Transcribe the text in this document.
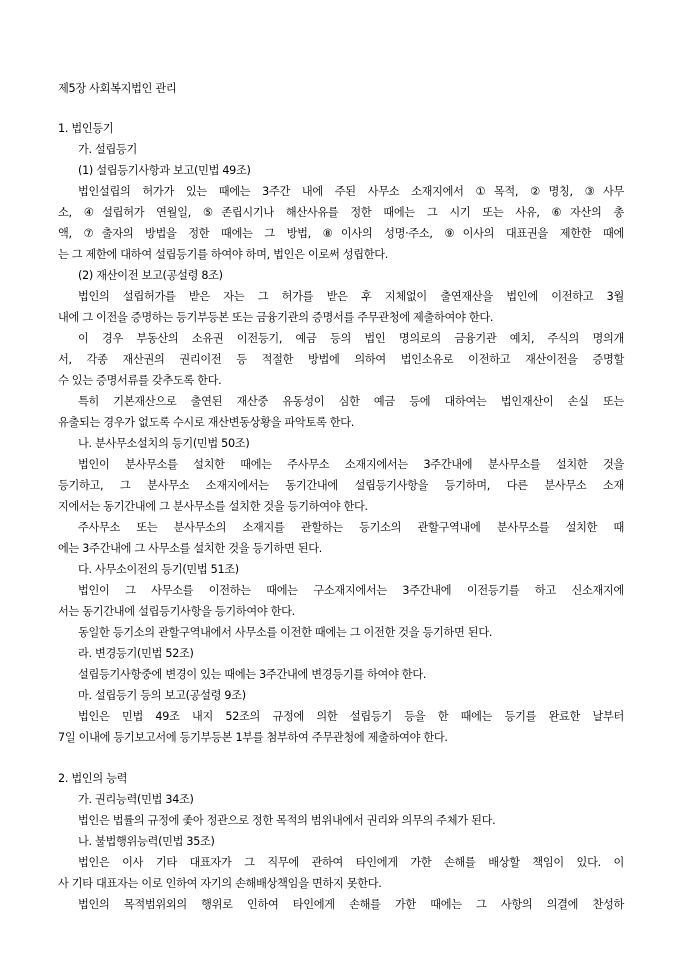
제5장 사회복지법인 관리
1. 법인등기
가. 설립등기
(1) 설립등기사항과 보고(민법 49조)
법인설립의 허가가 있는 때에는 3주간 내에 주된 사무소 소재지에서 ①목적, ②명칭, ③사무
소, ④설립허가 연월일, ⑤존립시기나 해산사유를 정한 때에는 그 시기 또는 사유, ⑥자산의 총
액, ⑦출자의 방법을 정한 때에는 그 방법, ⑧이사의 성명·주소, ⑨이사의 대표권을 제한한 때에
는 그 제한에 대하여 설립등기를 하여야 하며, 법인은 이로써 성립한다.
(2) 재산이전 보고(공설령 8조)
법인의 설립허가를 받은 자는 그 허가를 받은 후 지체없이 출연재산을 법인에 이전하고 3월
내에 그 이전을 증명하는 등기부등본 또는 금융기관의 증명서를 주무관청에 제출하여야 한다.
이 경우 부동산의 소유권 이전등기, 예금 등의 법인 명의로의 금융기관 예치, 주식의 명의개
서, 각종 재산권의 권리이전 등 적절한 방법에 의하여 법인소유로 이전하고 재산이전을 증명할
수 있는 증명서류를 갖추도록 한다.
특히 기본재산으로 출연된 재산중 유동성이 심한 예금 등에 대하여는 법인재산이 손실 또는
유출되는 경우가 없도록 수시로 재산변동상황을 파악토록 한다.
나. 분사무소설치의 등기(민법 50조)
법인이 분사무소를 설치한 때에는 주사무소 소재지에서는 3주간내에 분사무소를 설치한 것을
등기하고, 그 분사무소 소재지에서는 동기간내에 설립등기사항을 등기하며, 다른 분사무소 소재
지에서는 동기간내에 그 분사무소를 설치한 것을 등기하여야 한다.
주사무소 또는 분사무소의 소재지를 관할하는 등기소의 관할구역내에 분사무소를 설치한 때
에는 3주간내에 그 사무소를 설치한 것을 등기하면 된다.
다. 사무소이전의 등기(민법 51조)
법인이 그 사무소를 이전하는 때에는 구소재지에서는 3주간내에 이전등기를 하고 신소재지에
서는 동기간내에 설립등기사항을 등기하여야 한다.
동일한 등기소의 관할구역내에서 사무소를 이전한 때에는 그 이전한 것을 등기하면 된다.
라. 변경등기(민법 52조)
설립등기사항중에 변경이 있는 때에는 3주간내에 변경등기를 하여야 한다.
마. 설립등기 등의 보고(공설령 9조)
법인은 민법 49조 내지 52조의 규정에 의한 설립등기 등을 한 때에는 등기를 완료한 날부터
7일 이내에 등기보고서에 등기부등본 1부를 첨부하여 주무관청에 제출하여야 한다.
2. 법인의 능력
가. 권리능력(민법 34조)
법인은 법률의 규정에 좇아 정관으로 정한 목적의 범위내에서 권리와 의무의 주체가 된다.
나. 불법행위능력(민법 35조)
법인은 이사 기타 대표자가 그 직무에 관하여 타인에게 가한 손해를 배상할 책임이 있다. 이
사 기타 대표자는 이로 인하여 자기의 손해배상책임을 면하지 못한다.
법인의 목적범위외의 행위로 인하여 타인에게 손해를 가한 때에는 그 사항의 의결에 찬성하
